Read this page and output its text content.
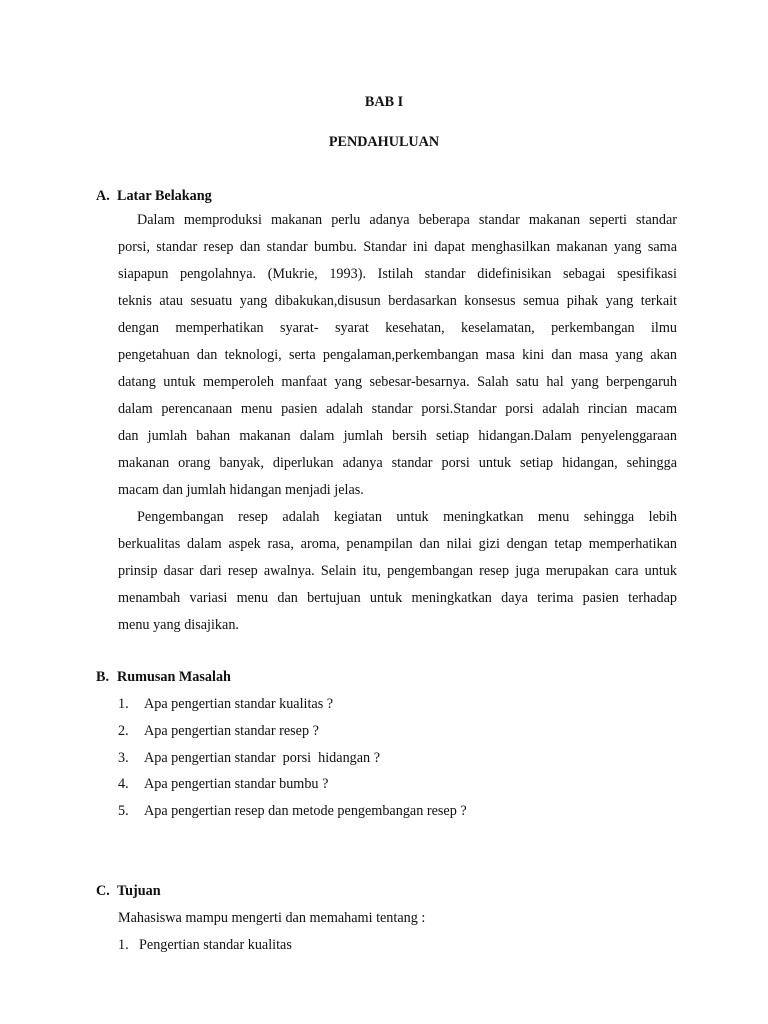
BAB I
PENDAHULUAN
A. Latar Belakang
Dalam memproduksi makanan perlu adanya beberapa standar makanan seperti standar
porsi, standar resep dan standar bumbu. Standar ini dapat menghasilkan makanan yang sama
siapapun pengolahnya. (Mukrie, 1993). Istilah standar didefinisikan sebagai spesifikasi
teknis atau sesuatu yang dibakukan,disusun berdasarkan konsesus semua pihak yang terkait
dengan memperhatikan syarat- syarat kesehatan, keselamatan, perkembangan ilmu
pengetahuan dan teknologi, serta pengalaman,perkembangan masa kini dan masa yang akan
datang untuk memperoleh manfaat yang sebesar-besarnya. Salah satu hal yang berpengaruh
dalam perencanaan menu pasien adalah standar porsi.Standar porsi adalah rincian macam
dan jumlah bahan makanan dalam jumlah bersih setiap hidangan.Dalam penyelenggaraan
makanan orang banyak, diperlukan adanya standar porsi untuk setiap hidangan, sehingga
macam dan jumlah hidangan menjadi jelas.
Pengembangan resep adalah kegiatan untuk meningkatkan menu sehingga lebih
berkualitas dalam aspek rasa, aroma, penampilan dan nilai gizi dengan tetap memperhatikan
prinsip dasar dari resep awalnya. Selain itu, pengembangan resep juga merupakan cara untuk
menambah variasi menu dan bertujuan untuk meningkatkan daya terima pasien terhadap
menu yang disajikan.
B. Rumusan Masalah
1. Apa pengertian standar kualitas ?
2. Apa pengertian standar resep ?
3. Apa pengertian standar  porsi  hidangan ?
4. Apa pengertian standar bumbu ?
5. Apa pengertian resep dan metode pengembangan resep ?
C. Tujuan
Mahasiswa mampu mengerti dan memahami tentang :
1. Pengertian standar kualitas
